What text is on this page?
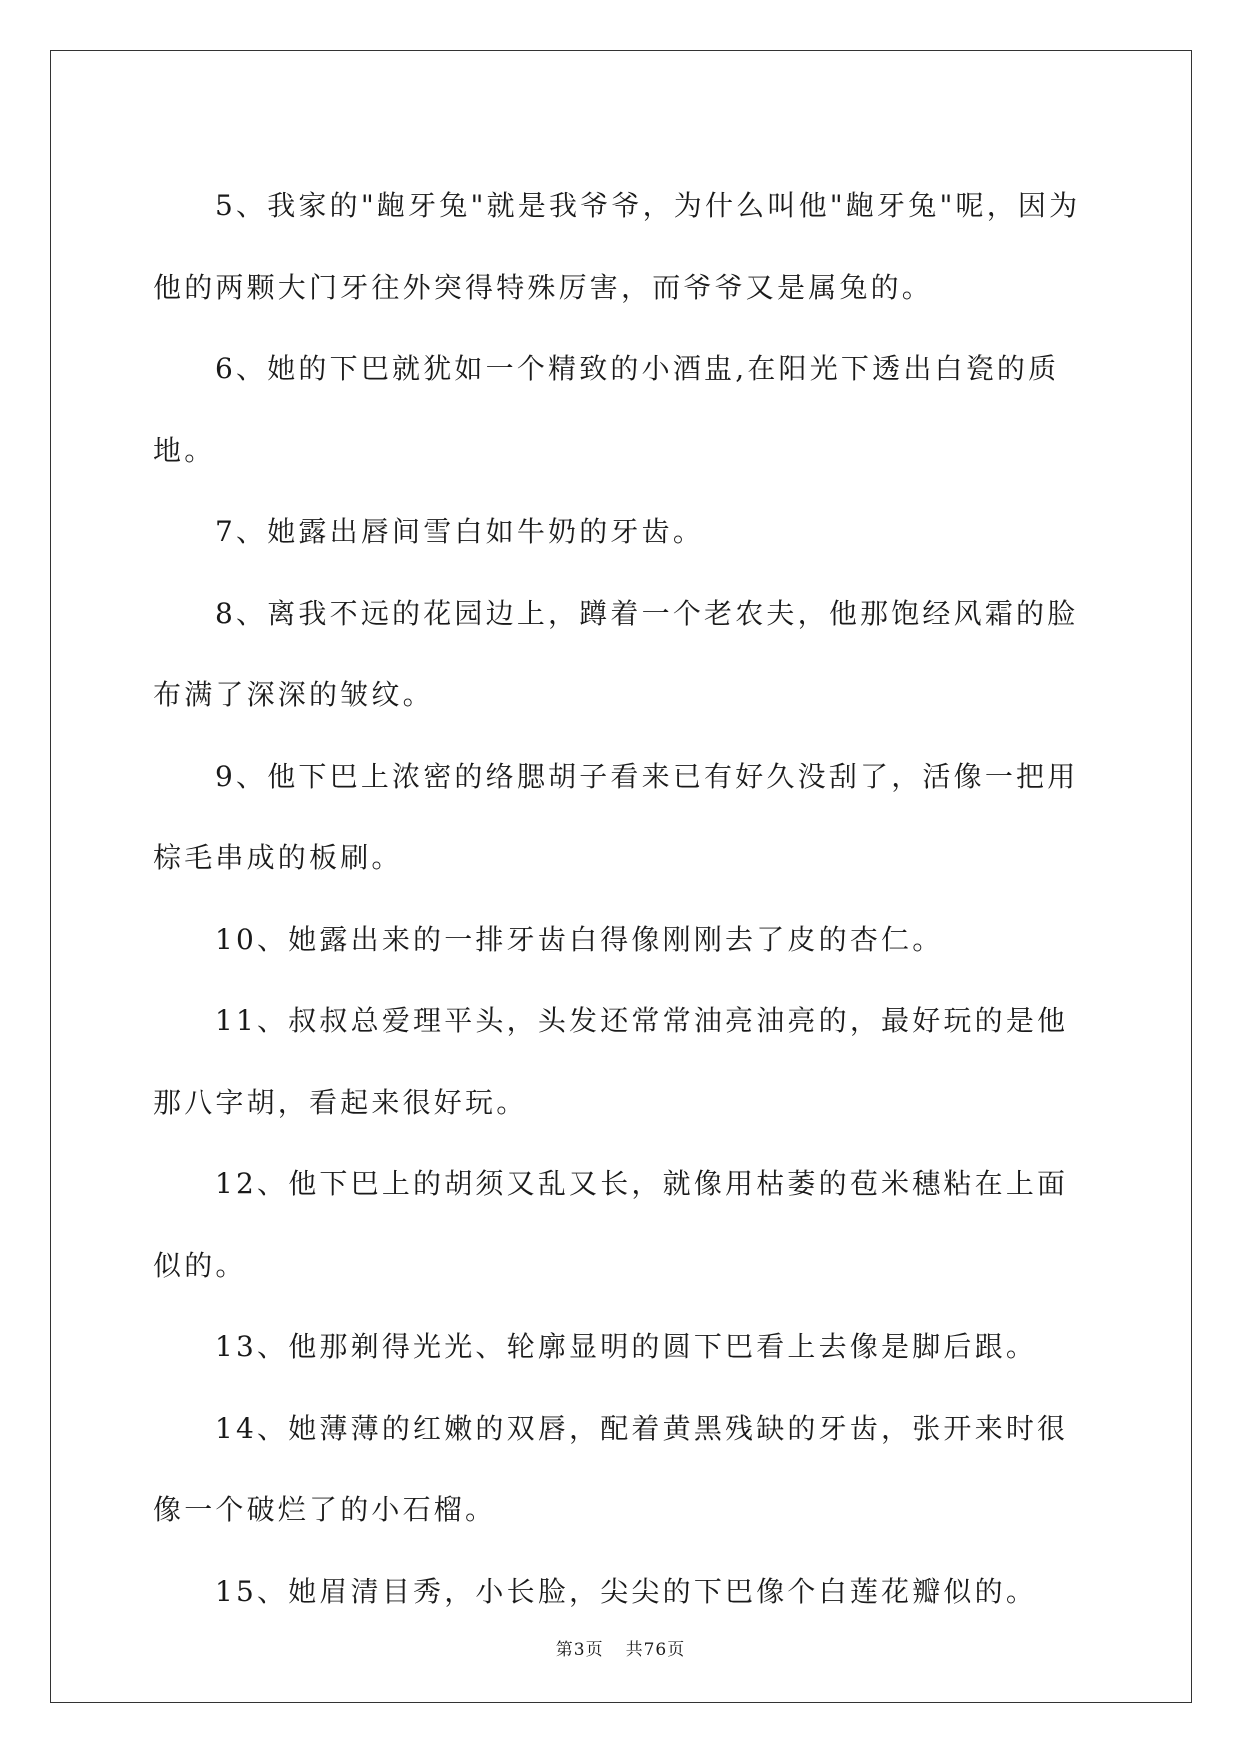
5、我家的"龅牙兔"就是我爷爷，为什么叫他"龅牙兔"呢，因为他的两颗大门牙往外突得特殊厉害，而爷爷又是属兔的。

6、她的下巴就犹如一个精致的小酒盅,在阳光下透出白瓷的质地。

7、她露出唇间雪白如牛奶的牙齿。

8、离我不远的花园边上，蹲着一个老农夫，他那饱经风霜的脸布满了深深的皱纹。

9、他下巴上浓密的络腮胡子看来已有好久没刮了，活像一把用棕毛串成的板刷。

10、她露出来的一排牙齿白得像刚刚去了皮的杏仁。

11、叔叔总爱理平头，头发还常常油亮油亮的，最好玩的是他那八字胡，看起来很好玩。

12、他下巴上的胡须又乱又长，就像用枯萎的苞米穗粘在上面似的。

13、他那剃得光光、轮廓显明的圆下巴看上去像是脚后跟。

14、她薄薄的红嫩的双唇，配着黄黑残缺的牙齿，张开来时很像一个破烂了的小石榴。

15、她眉清目秀，小长脸，尖尖的下巴像个白莲花瓣似的。

第3页 共76页
